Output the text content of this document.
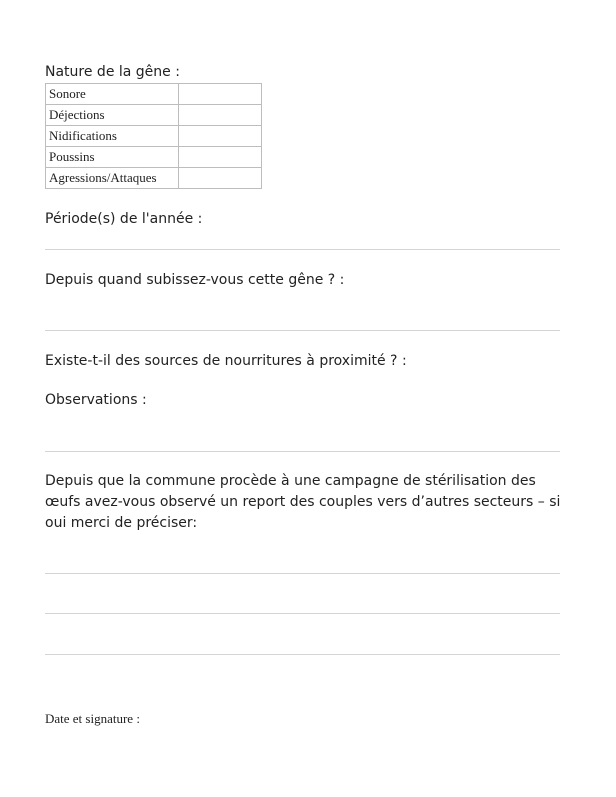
Nature de la gêne :
Sonore	
Déjections	
Nidifications	
Poussins	
Agressions/Attaques	
Période(s) de l'année :
Depuis quand subissez-vous cette gêne ? :
Existe-t-il des sources de nourritures à proximité ? :
Observations :
Depuis que la commune procède à une campagne de stérilisation des œufs avez-vous observé un report des couples vers d’autres secteurs – si oui merci de préciser:
Date et signature :
